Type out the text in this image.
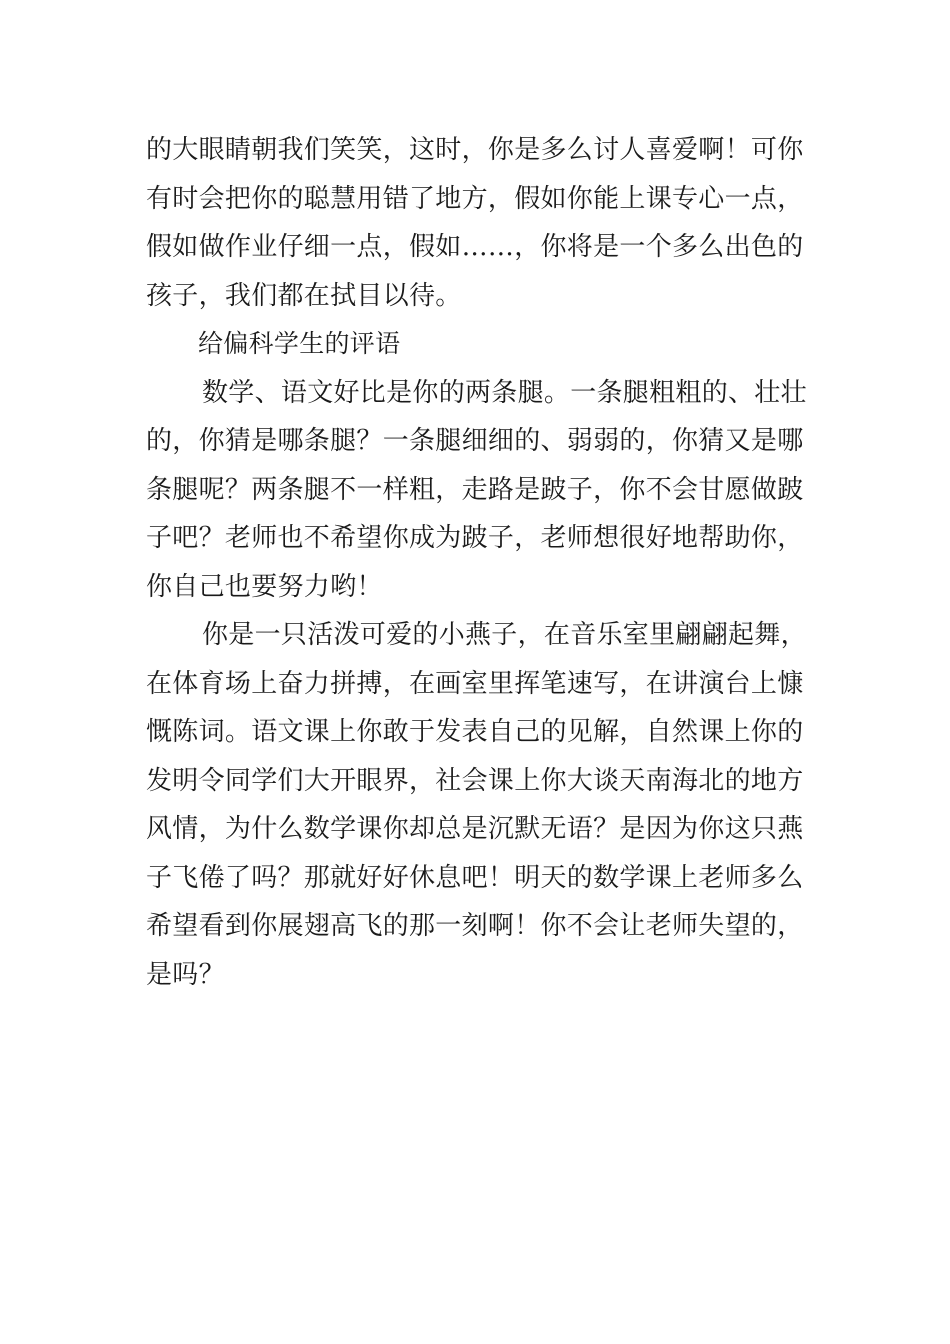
的大眼睛朝我们笑笑，这时，你是多么讨人喜爱啊！可你
有时会把你的聪慧用错了地方，假如你能上课专心一点，
假如做作业仔细一点，假如……，你将是一个多么出色的
孩子，我们都在拭目以待。
给偏科学生的评语
数学、语文好比是你的两条腿。一条腿粗粗的、壮壮
的，你猜是哪条腿？一条腿细细的、弱弱的，你猜又是哪
条腿呢？两条腿不一样粗，走路是跛子，你不会甘愿做跛
子吧？老师也不希望你成为跛子，老师想很好地帮助你，
你自己也要努力哟！
你是一只活泼可爱的小燕子，在音乐室里翩翩起舞，
在体育场上奋力拼搏，在画室里挥笔速写，在讲演台上慷
慨陈词。语文课上你敢于发表自己的见解，自然课上你的
发明令同学们大开眼界，社会课上你大谈天南海北的地方
风情，为什么数学课你却总是沉默无语？是因为你这只燕
子飞倦了吗？那就好好休息吧！明天的数学课上老师多么
希望看到你展翅高飞的那一刻啊！你不会让老师失望的，
是吗？
